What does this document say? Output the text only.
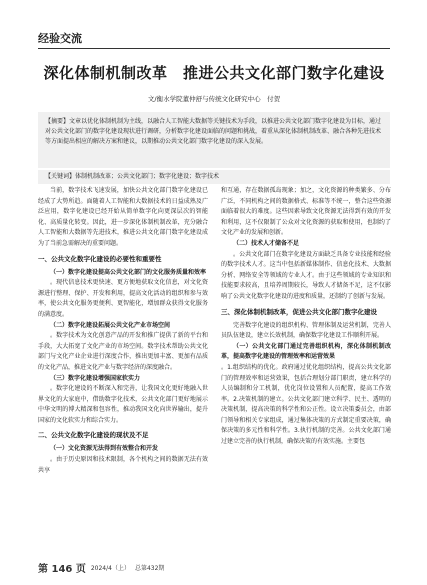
经验交流
深化体制机制改革　推进公共文化部门数字化建设
文/衡水学院董仲舒与传统文化研究中心　付贺

【摘要】文章以优化体制机制为主线，以融合人工智能大数据等关键技术为手段，以推进公共文化部门数字化建设为目标，通过对公共文化部门的数字化建设现状进行调研，分析数字化建设面临的问题和挑战，着重从深化体制机制改革、融合各种先进技术等方面提出相应的解决方案和建议，以期推动公共文化部门数字化建设的深入发展。

【关键词】体制机制改革；公共文化部门；数字化建设；数字技术

当前，数字技术飞速发展，加快公共文化部门数字化建设已经成了大势所趋。面随着人工智能和大数据技术的日益成熟及广泛应用，数字化建设已经开始从简单数字化向更深层次的智能化、高质量化转变。因此，进一步深化体制机制改革，充分融合人工智能和大数据等先进技术，推进公共文化部门数字化建设成为了当前急需解决的重要问题。

一、公共文化数字化建设的必要性和重要性

（一）数字化建设提高公共文化部门的文化服务质量和效率

。现代信息技术更快速、更方便地获取文化信息，对文化资源进行整理、保护、开发和利用，提高文化活动的组织和参与效率，使公共文化服务更便利、更智能化，增加群众获得文化服务的满意度。

（二）数字化建设拓展公共文化产业市场空间

。数字技术为文化创意产品的开发和推广提供了新的平台和手段，大大拓宽了文化产业的市场空间。数字技术帮助公共文化部门与文化产业企业进行深度合作，推出更加丰富、更加有品质的文化产品，推进文化产业与数字经济的深度融合。

（三）数字化建设增强国家软实力

。数字化建设的不断深入和完善，让我国文化更好地融入世界文化的大家庭中，借助数字化技术，公共文化部门更好地展示中华文明的博大精深和包容性，推动我国文化向世界输出，提升国家的文化软实力和综合实力。

二、公共文化数字化建设的现状及不足

（一）文化资源无法得到有效整合和开发

。由于历史原因和技术限制，各个机构之间的数据无法有效共享

和互通，存在数据孤岛现象；加之，文化资源的种类繁多、分布广泛，不同机构之间的数据格式、标准等不统一，整合这些资源面临着很大的难度。这些因素导致文化资源无法得到有效的开发和利用，这不仅限制了公众对文化资源的获取和使用，也制约了文化产业的发展和创新。

（二）技术人才储备不足

。公共文化部门在数字化建设方面缺乏具备专业技能和经验的数字技术人才。这当中包括新媒体制作、信息化技术、大数据分析、网络安全等领域的专业人才。由于这些领域的专业知识和技能要求较高，且培养周期较长，导致人才储备不足，这不仅影响了公共文化数字化建设的进度和质量，还制约了创新与发展。

三、深化体制机制改革，促进公共文化部门数字化建设

完善数字化建设的组织机构、管理体制及运营机制，完善人员队伍建设，建立长效机制，确保数字化建设工作顺利开展。

（一）公共文化部门通过完善组织机构，深化体制机制改革，提高数字化建设的管理效率和运营效果

。1.组织结构的优化。政府通过优化组织结构，提高公共文化部门的管理效率和运营效果，包括合理划分部门职责，建立科学的人员编制和分工机制，优化岗位设置和人员配置，提高工作效率。2.决策机制的建立。公共文化部门建立科学、民主、透明的决策机制，提高决策的科学性和公正性。设立决策委员会，由部门领导和相关专家组成，通过集体决策的方式制定重要决策，确保决策的多元性和科学性。3.执行机制的完善。公共文化部门通过建立完善的执行机制，确保决策的有效实施。主要包

第 146 页 2024/4（上） 总第432期
